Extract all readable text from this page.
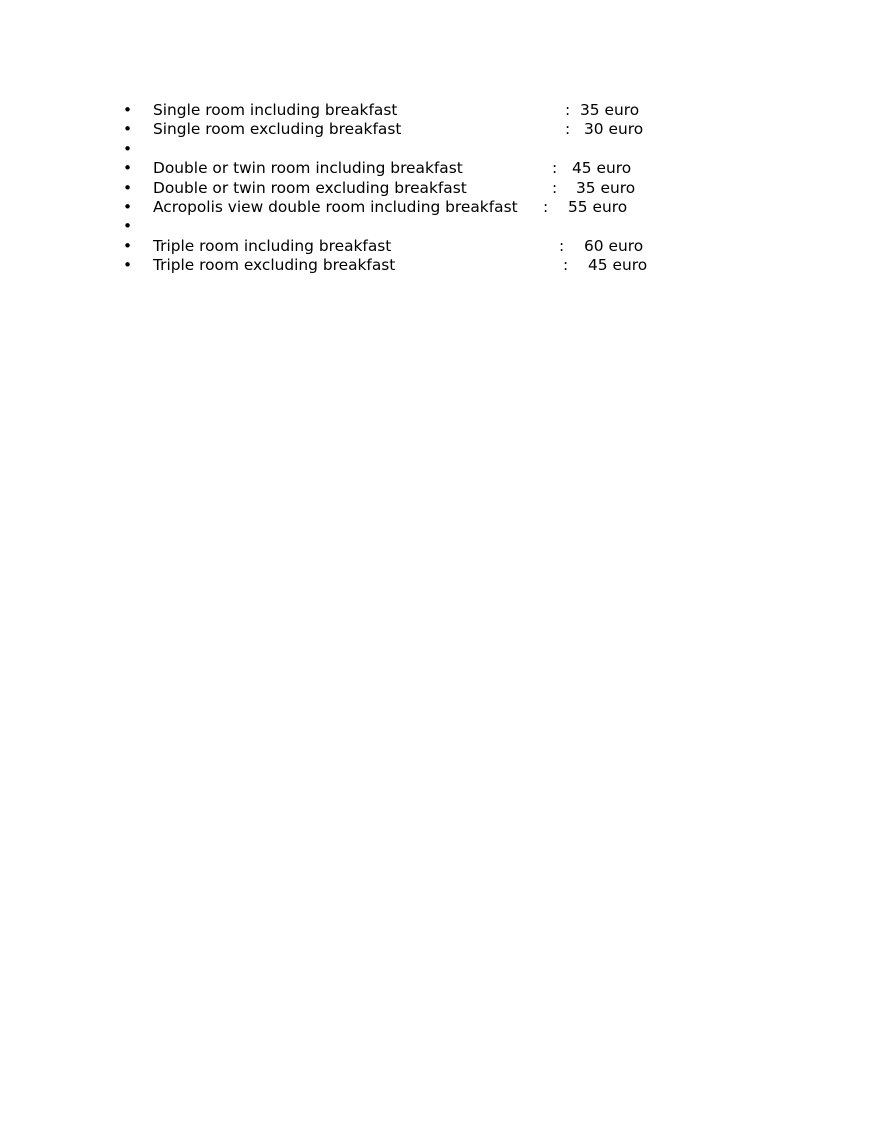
•	Single room including breakfast	: 35 euro
•	Single room excluding breakfast	: 30 euro
•
•	Double or twin room including breakfast	: 45 euro
•	Double or twin room excluding breakfast	: 35 euro
•	Acropolis view double room including breakfast : 55 euro
•
•	Triple room including breakfast	: 60 euro
•	Triple room excluding breakfast	: 45 euro
